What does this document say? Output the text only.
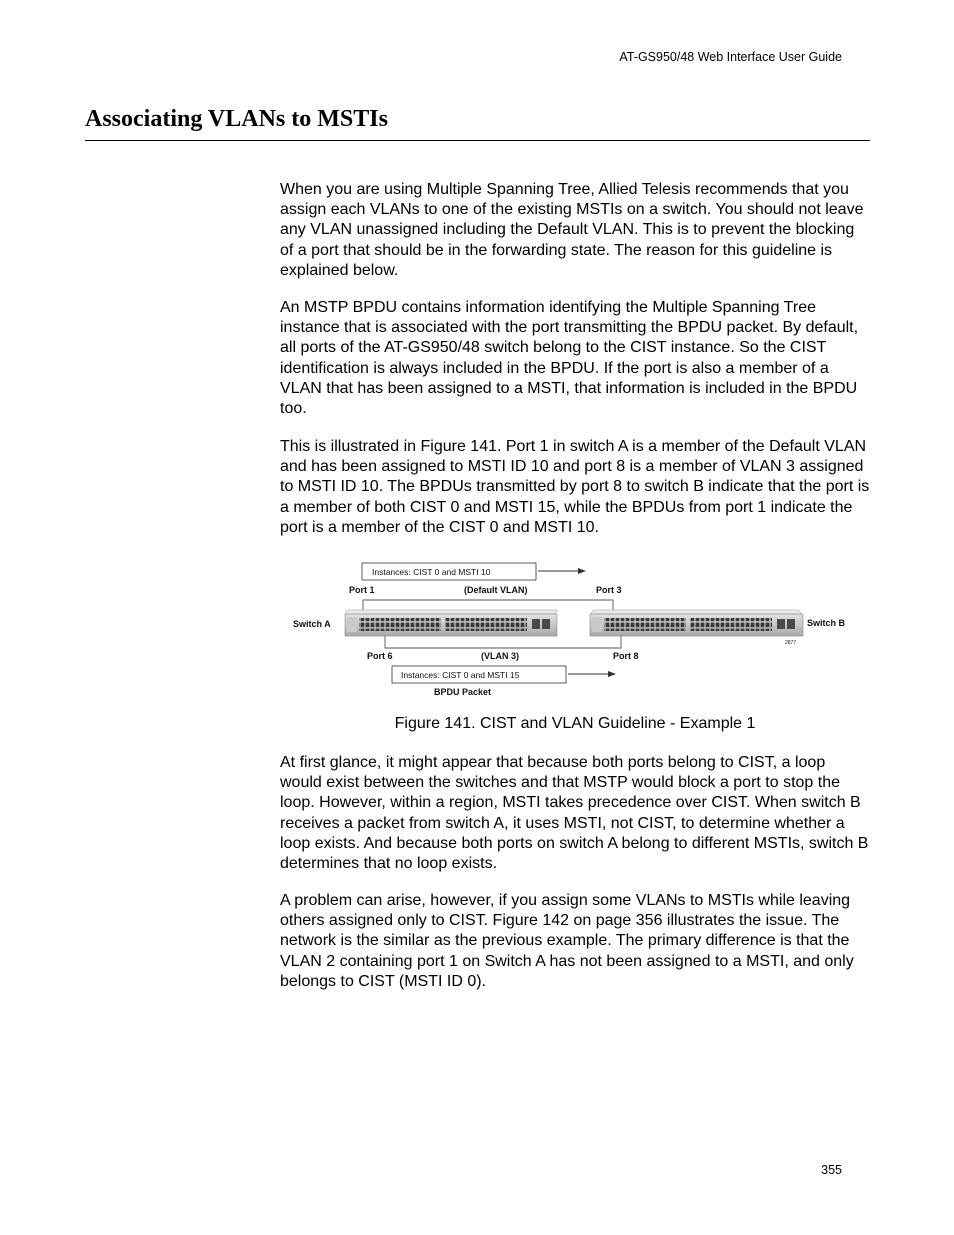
AT-GS950/48 Web Interface User Guide
Associating VLANs to MSTIs

When you are using Multiple Spanning Tree, Allied Telesis recommends that you assign each VLANs to one of the existing MSTIs on a switch. You should not leave any VLAN unassigned including the Default VLAN. This is to prevent the blocking of a port that should be in the forwarding state. The reason for this guideline is explained below.

An MSTP BPDU contains information identifying the Multiple Spanning Tree instance that is associated with the port transmitting the BPDU packet. By default, all ports of the AT-GS950/48 switch belong to the CIST instance. So the CIST identification is always included in the BPDU. If the port is also a member of a VLAN that has been assigned to a MSTI, that information is included in the BPDU too.

This is illustrated in Figure 141. Port 1 in switch A is a member of the Default VLAN and has been assigned to MSTI ID 10 and port 8 is a member of VLAN 3 assigned to MSTI ID 10. The BPDUs transmitted by port 8 to switch B indicate that the port is a member of both CIST 0 and MSTI 15, while the BPDUs from port 1 indicate the port is a member of the CIST 0 and MSTI 10.

Instances: CIST 0 and MSTI 10
Port 1	(Default VLAN)	Port 3
Switch A	Switch B
2877
Port 6	(VLAN 3)	Port 8
Instances: CIST 0 and MSTI 15
BPDU Packet
Figure 141. CIST and VLAN Guideline - Example 1

At first glance, it might appear that because both ports belong to CIST, a loop would exist between the switches and that MSTP would block a port to stop the loop. However, within a region, MSTI takes precedence over CIST. When switch B receives a packet from switch A, it uses MSTI, not CIST, to determine whether a loop exists. And because both ports on switch A belong to different MSTIs, switch B determines that no loop exists.

A problem can arise, however, if you assign some VLANs to MSTIs while leaving others assigned only to CIST. Figure 142 on page 356 illustrates the issue. The network is the similar as the previous example. The primary difference is that the VLAN 2 containing port 1 on Switch A has not been assigned to a MSTI, and only belongs to CIST (MSTI ID 0).

355
